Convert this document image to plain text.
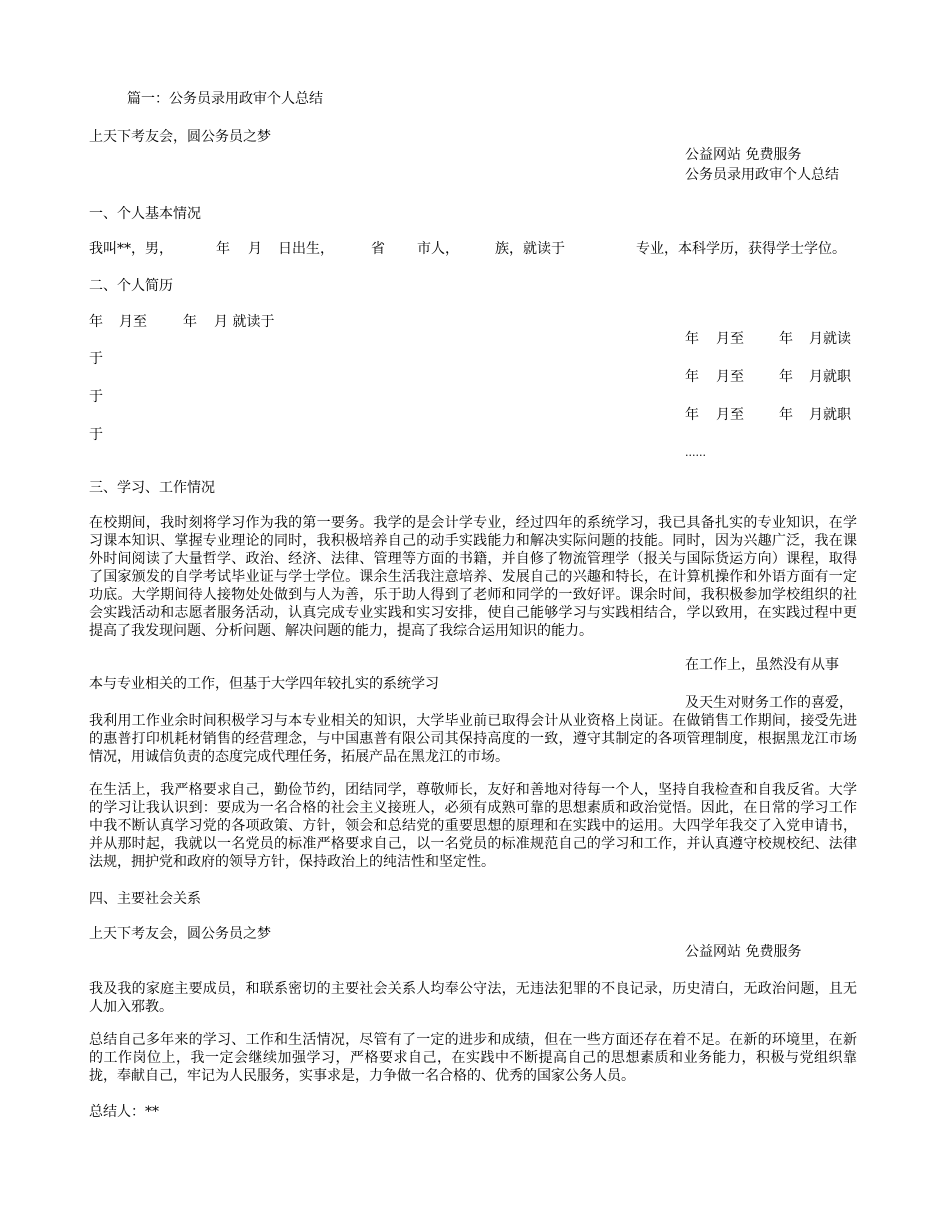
篇一：公务员录用政审个人总结
上天下考友会，圆公务员之梦
公益网站 免费服务
公务员录用政审个人总结
一、个人基本情况
我叫**，男，	年 月 日出生，	省 市人，	族，就读于	专业，本科学历，获得学士学位。
二、个人简历
年 月至	年 月 就读于
年 月至	年 月就读
于
年 月至	年 月就职
于
年 月至	年 月就职
于
......
三、学习、工作情况
在校期间，我时刻将学习作为我的第一要务。我学的是会计学专业，经过四年的系统学习，我已具备扎实的专业知识，在学习课本知识、掌握专业理论的同时，我积极培养自己的动手实践能力和解决实际问题的技能。同时，因为兴趣广泛，我在课外时间阅读了大量哲学、政治、经济、法律、管理等方面的书籍，并自修了物流管理学（报关与国际货运方向）课程，取得了国家颁发的自学考试毕业证与学士学位。课余生活我注意培养、发展自己的兴趣和特长，在计算机操作和外语方面有一定功底。大学期间待人接物处处做到与人为善，乐于助人得到了老师和同学的一致好评。课余时间，我积极参加学校组织的社会实践活动和志愿者服务活动，认真完成专业实践和实习安排，使自己能够学习与实践相结合，学以致用，在实践过程中更提高了我发现问题、分析问题、解决问题的能力，提高了我综合运用知识的能力。
在工作上，虽然没有从事
本与专业相关的工作，但基于大学四年较扎实的系统学习
及天生对财务工作的喜爱，
我利用工作业余时间积极学习与本专业相关的知识，大学毕业前已取得会计从业资格上岗证。在做销售工作期间，接受先进的惠普打印机耗材销售的经营理念，与中国惠普有限公司其保持高度的一致，遵守其制定的各项管理制度，根据黑龙江市场情况，用诚信负责的态度完成代理任务，拓展产品在黑龙江的市场。
在生活上，我严格要求自己，勤俭节约，团结同学，尊敬师长，友好和善地对待每一个人，坚持自我检查和自我反省。大学的学习让我认识到：要成为一名合格的社会主义接班人，必须有成熟可靠的思想素质和政治觉悟。因此，在日常的学习工作中我不断认真学习党的各项政策、方针，领会和总结党的重要思想的原理和在实践中的运用。大四学年我交了入党申请书，并从那时起，我就以一名党员的标准严格要求自己，以一名党员的标准规范自己的学习和工作，并认真遵守校规校纪、法律法规，拥护党和政府的领导方针，保持政治上的纯洁性和坚定性。
四、主要社会关系
上天下考友会，圆公务员之梦
公益网站 免费服务
我及我的家庭主要成员，和联系密切的主要社会关系人均奉公守法，无违法犯罪的不良记录，历史清白，无政治问题，且无人加入邪教。
总结自己多年来的学习、工作和生活情况，尽管有了一定的进步和成绩，但在一些方面还存在着不足。在新的环境里，在新的工作岗位上，我一定会继续加强学习，严格要求自己，在实践中不断提高自己的思想素质和业务能力，积极与党组织靠拢，奉献自己，牢记为人民服务，实事求是，力争做一名合格的、优秀的国家公务人员。
总结人：**
